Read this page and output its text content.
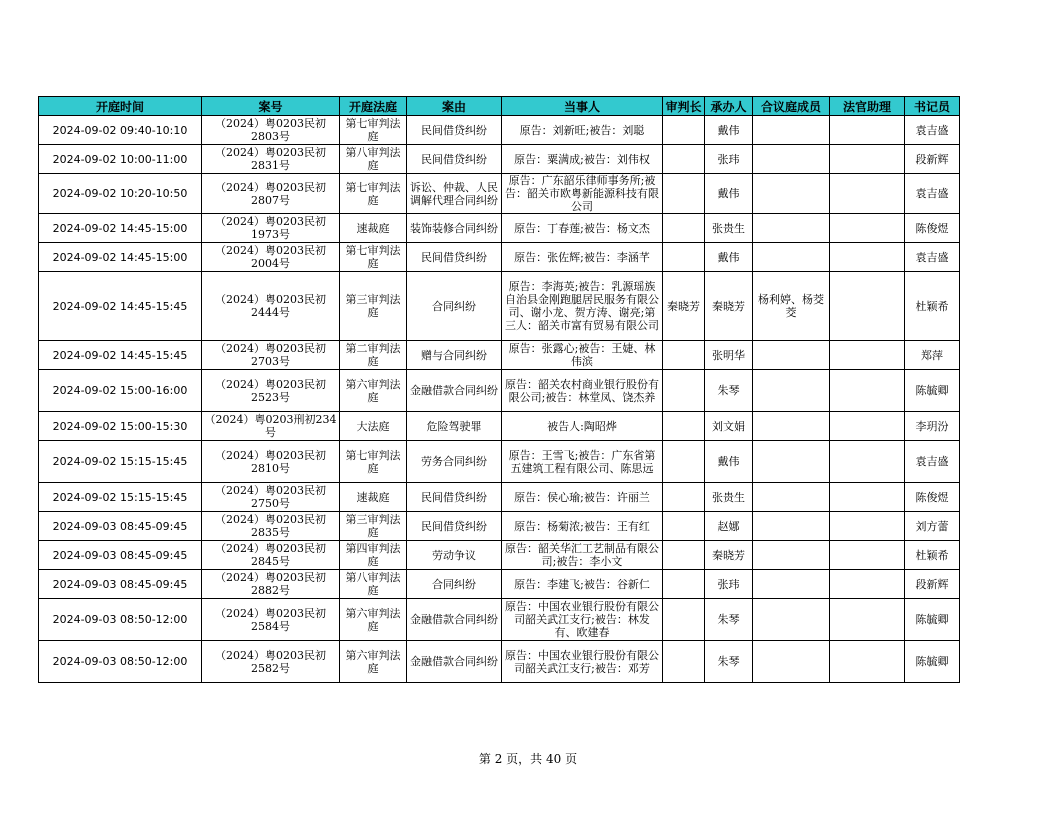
开庭时间	案号	开庭法庭	案由	当事人	审判长	承办人	合议庭成员	法官助理	书记员

2024-09-02 09:40-10:10	（2024）粤0203民初2803号	第七审判法庭	民间借贷纠纷	原告：刘新旺;被告：刘聪		戴伟			袁吉盛

2024-09-02 10:00-11:00	（2024）粤0203民初2831号	第八审判法庭	民间借贷纠纷	原告：粟满成;被告：刘伟权		张玮			段新辉

2024-09-02 10:20-10:50	（2024）粤0203民初2807号	第七审判法庭	诉讼、仲裁、人民调解代理合同纠纷	原告：广东韶乐律师事务所;被告：韶关市欧粤新能源科技有限公司		戴伟			袁吉盛

2024-09-02 14:45-15:00	（2024）粤0203民初1973号	速裁庭	装饰装修合同纠纷	原告：丁春莲;被告：杨文杰		张贵生			陈俊煜

2024-09-02 14:45-15:00	（2024）粤0203民初2004号	第七审判法庭	民间借贷纠纷	原告：张佐辉;被告：李涵芊		戴伟			袁吉盛

2024-09-02 14:45-15:45	（2024）粤0203民初2444号	第三审判法庭	合同纠纷	原告：李海英;被告：乳源瑶族自治县金刚跑腿居民服务有限公司、谢小龙、贺方涛、谢亮;第三人：韶关市富有贸易有限公司	秦晓芳	秦晓芳	杨利婷、杨茭茭		杜颖希

2024-09-02 14:45-15:45	（2024）粤0203民初2703号	第二审判法庭	赠与合同纠纷	原告：张露心;被告：王婕、林伟滨		张明华			郑萍

2024-09-02 15:00-16:00	（2024）粤0203民初2523号	第六审判法庭	金融借款合同纠纷	原告：韶关农村商业银行股份有限公司;被告：林堂凤、饶杰养		朱琴			陈毓卿

2024-09-02 15:00-15:30	（2024）粤0203刑初234号	大法庭	危险驾驶罪	被告人:陶昭烨		刘文娟			李玥汾

2024-09-02 15:15-15:45	（2024）粤0203民初2810号	第七审判法庭	劳务合同纠纷	原告：王雪飞;被告：广东省第五建筑工程有限公司、陈思远		戴伟			袁吉盛

2024-09-02 15:15-15:45	（2024）粤0203民初2750号	速裁庭	民间借贷纠纷	原告：侯心瑜;被告：许丽兰		张贵生			陈俊煜

2024-09-03 08:45-09:45	（2024）粤0203民初2835号	第三审判法庭	民间借贷纠纷	原告：杨菊浓;被告：王有红		赵娜			刘方蕾

2024-09-03 08:45-09:45	（2024）粤0203民初2845号	第四审判法庭	劳动争议	原告：韶关华汇工艺制品有限公司;被告：李小文		秦晓芳			杜颖希

2024-09-03 08:45-09:45	（2024）粤0203民初2882号	第八审判法庭	合同纠纷	原告：李建飞;被告：谷新仁		张玮			段新辉

2024-09-03 08:50-12:00	（2024）粤0203民初2584号	第六审判法庭	金融借款合同纠纷	原告：中国农业银行股份有限公司韶关武江支行;被告：林发有、欧建春		朱琴			陈毓卿

2024-09-03 08:50-12:00	（2024）粤0203民初2582号	第六审判法庭	金融借款合同纠纷	原告：中国农业银行股份有限公司韶关武江支行;被告：邓芳		朱琴			陈毓卿
第 2 页，共 40 页
